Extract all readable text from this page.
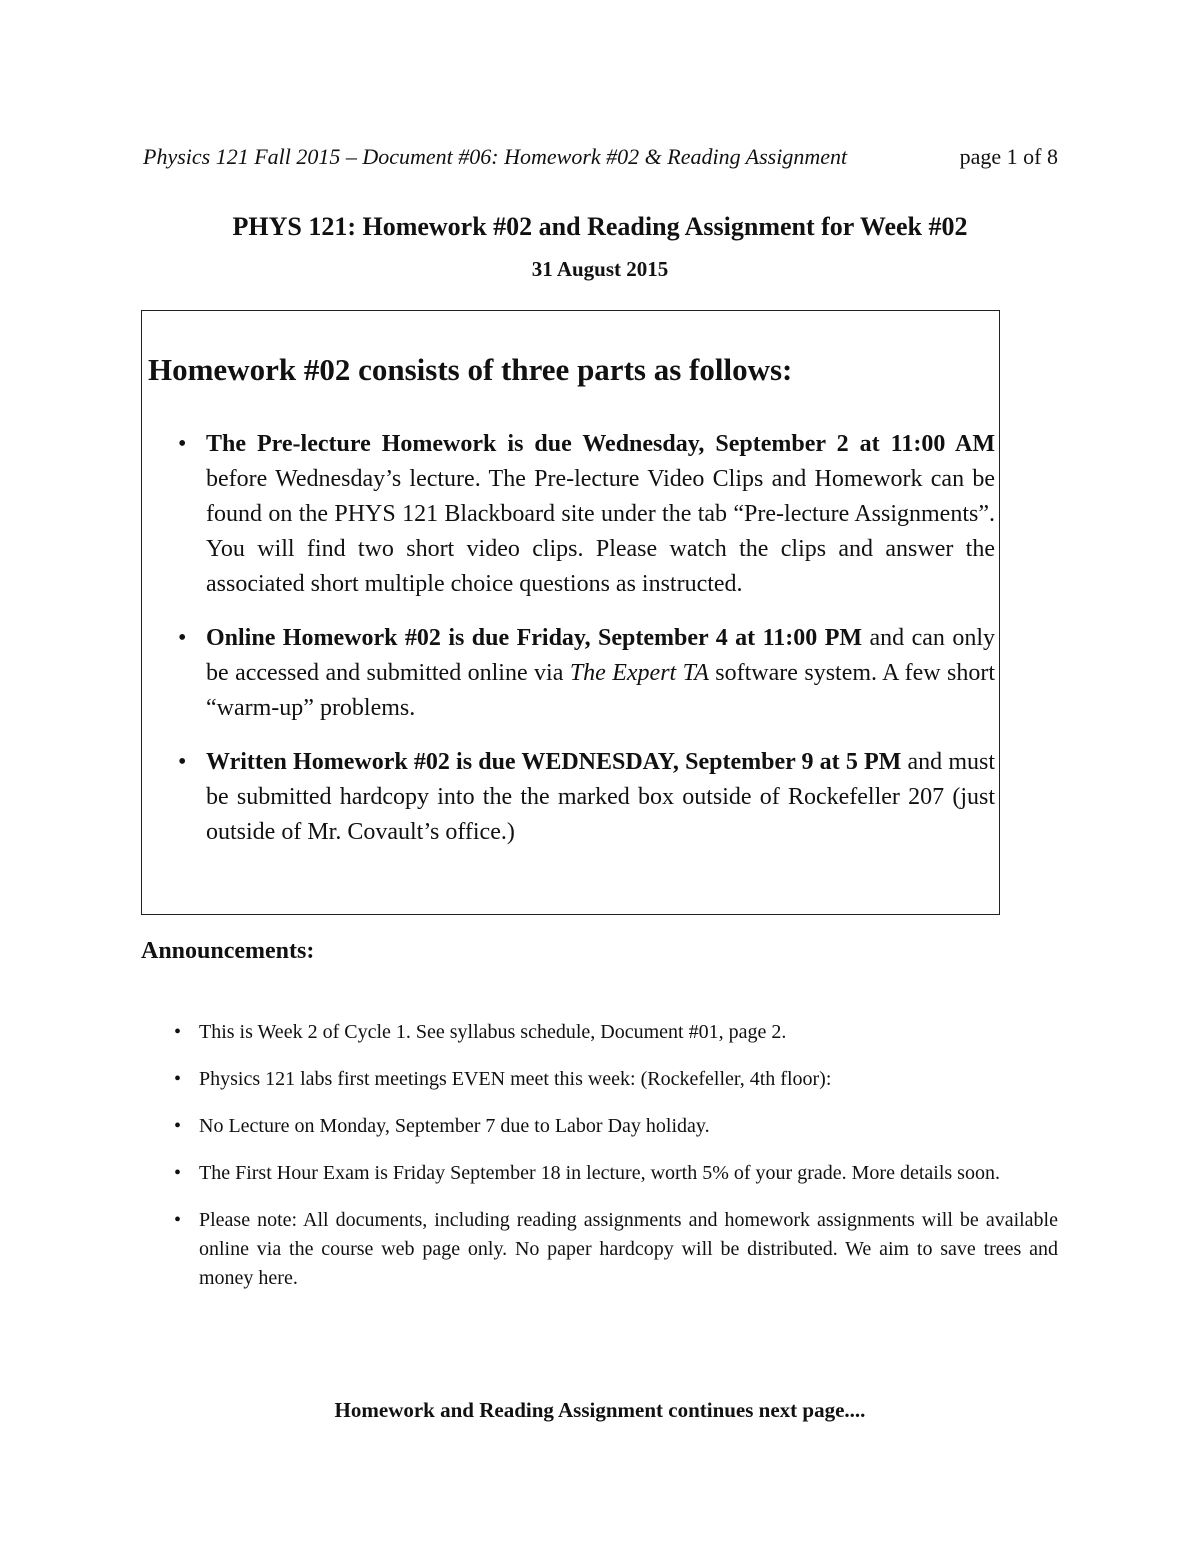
Physics 121 Fall 2015 – Document #06: Homework #02 & Reading Assignment	page 1 of 8
PHYS 121: Homework #02 and Reading Assignment for Week #02
31 August 2015
Homework #02 consists of three parts as follows:
• The Pre-lecture Homework is due Wednesday, September 2 at 11:00 AM before Wednesday’s lecture. The Pre-lecture Video Clips and Homework can be found on the PHYS 121 Blackboard site under the tab “Pre-lecture Assignments”. You will find two short video clips. Please watch the clips and answer the associated short multiple choice questions as instructed.
• Online Homework #02 is due Friday, September 4 at 11:00 PM and can only be accessed and submitted online via The Expert TA software system. A few short “warm-up” problems.
• Written Homework #02 is due WEDNESDAY, September 9 at 5 PM and must be submitted hardcopy into the the marked box outside of Rockefeller 207 (just outside of Mr. Covault’s office.)
Announcements:
• This is Week 2 of Cycle 1. See syllabus schedule, Document #01, page 2.
• Physics 121 labs first meetings EVEN meet this week: (Rockefeller, 4th floor):
• No Lecture on Monday, September 7 due to Labor Day holiday.
• The First Hour Exam is Friday September 18 in lecture, worth 5% of your grade. More details soon.
• Please note: All documents, including reading assignments and homework assignments will be available online via the course web page only. No paper hardcopy will be distributed. We aim to save trees and money here.
Homework and Reading Assignment continues next page....
